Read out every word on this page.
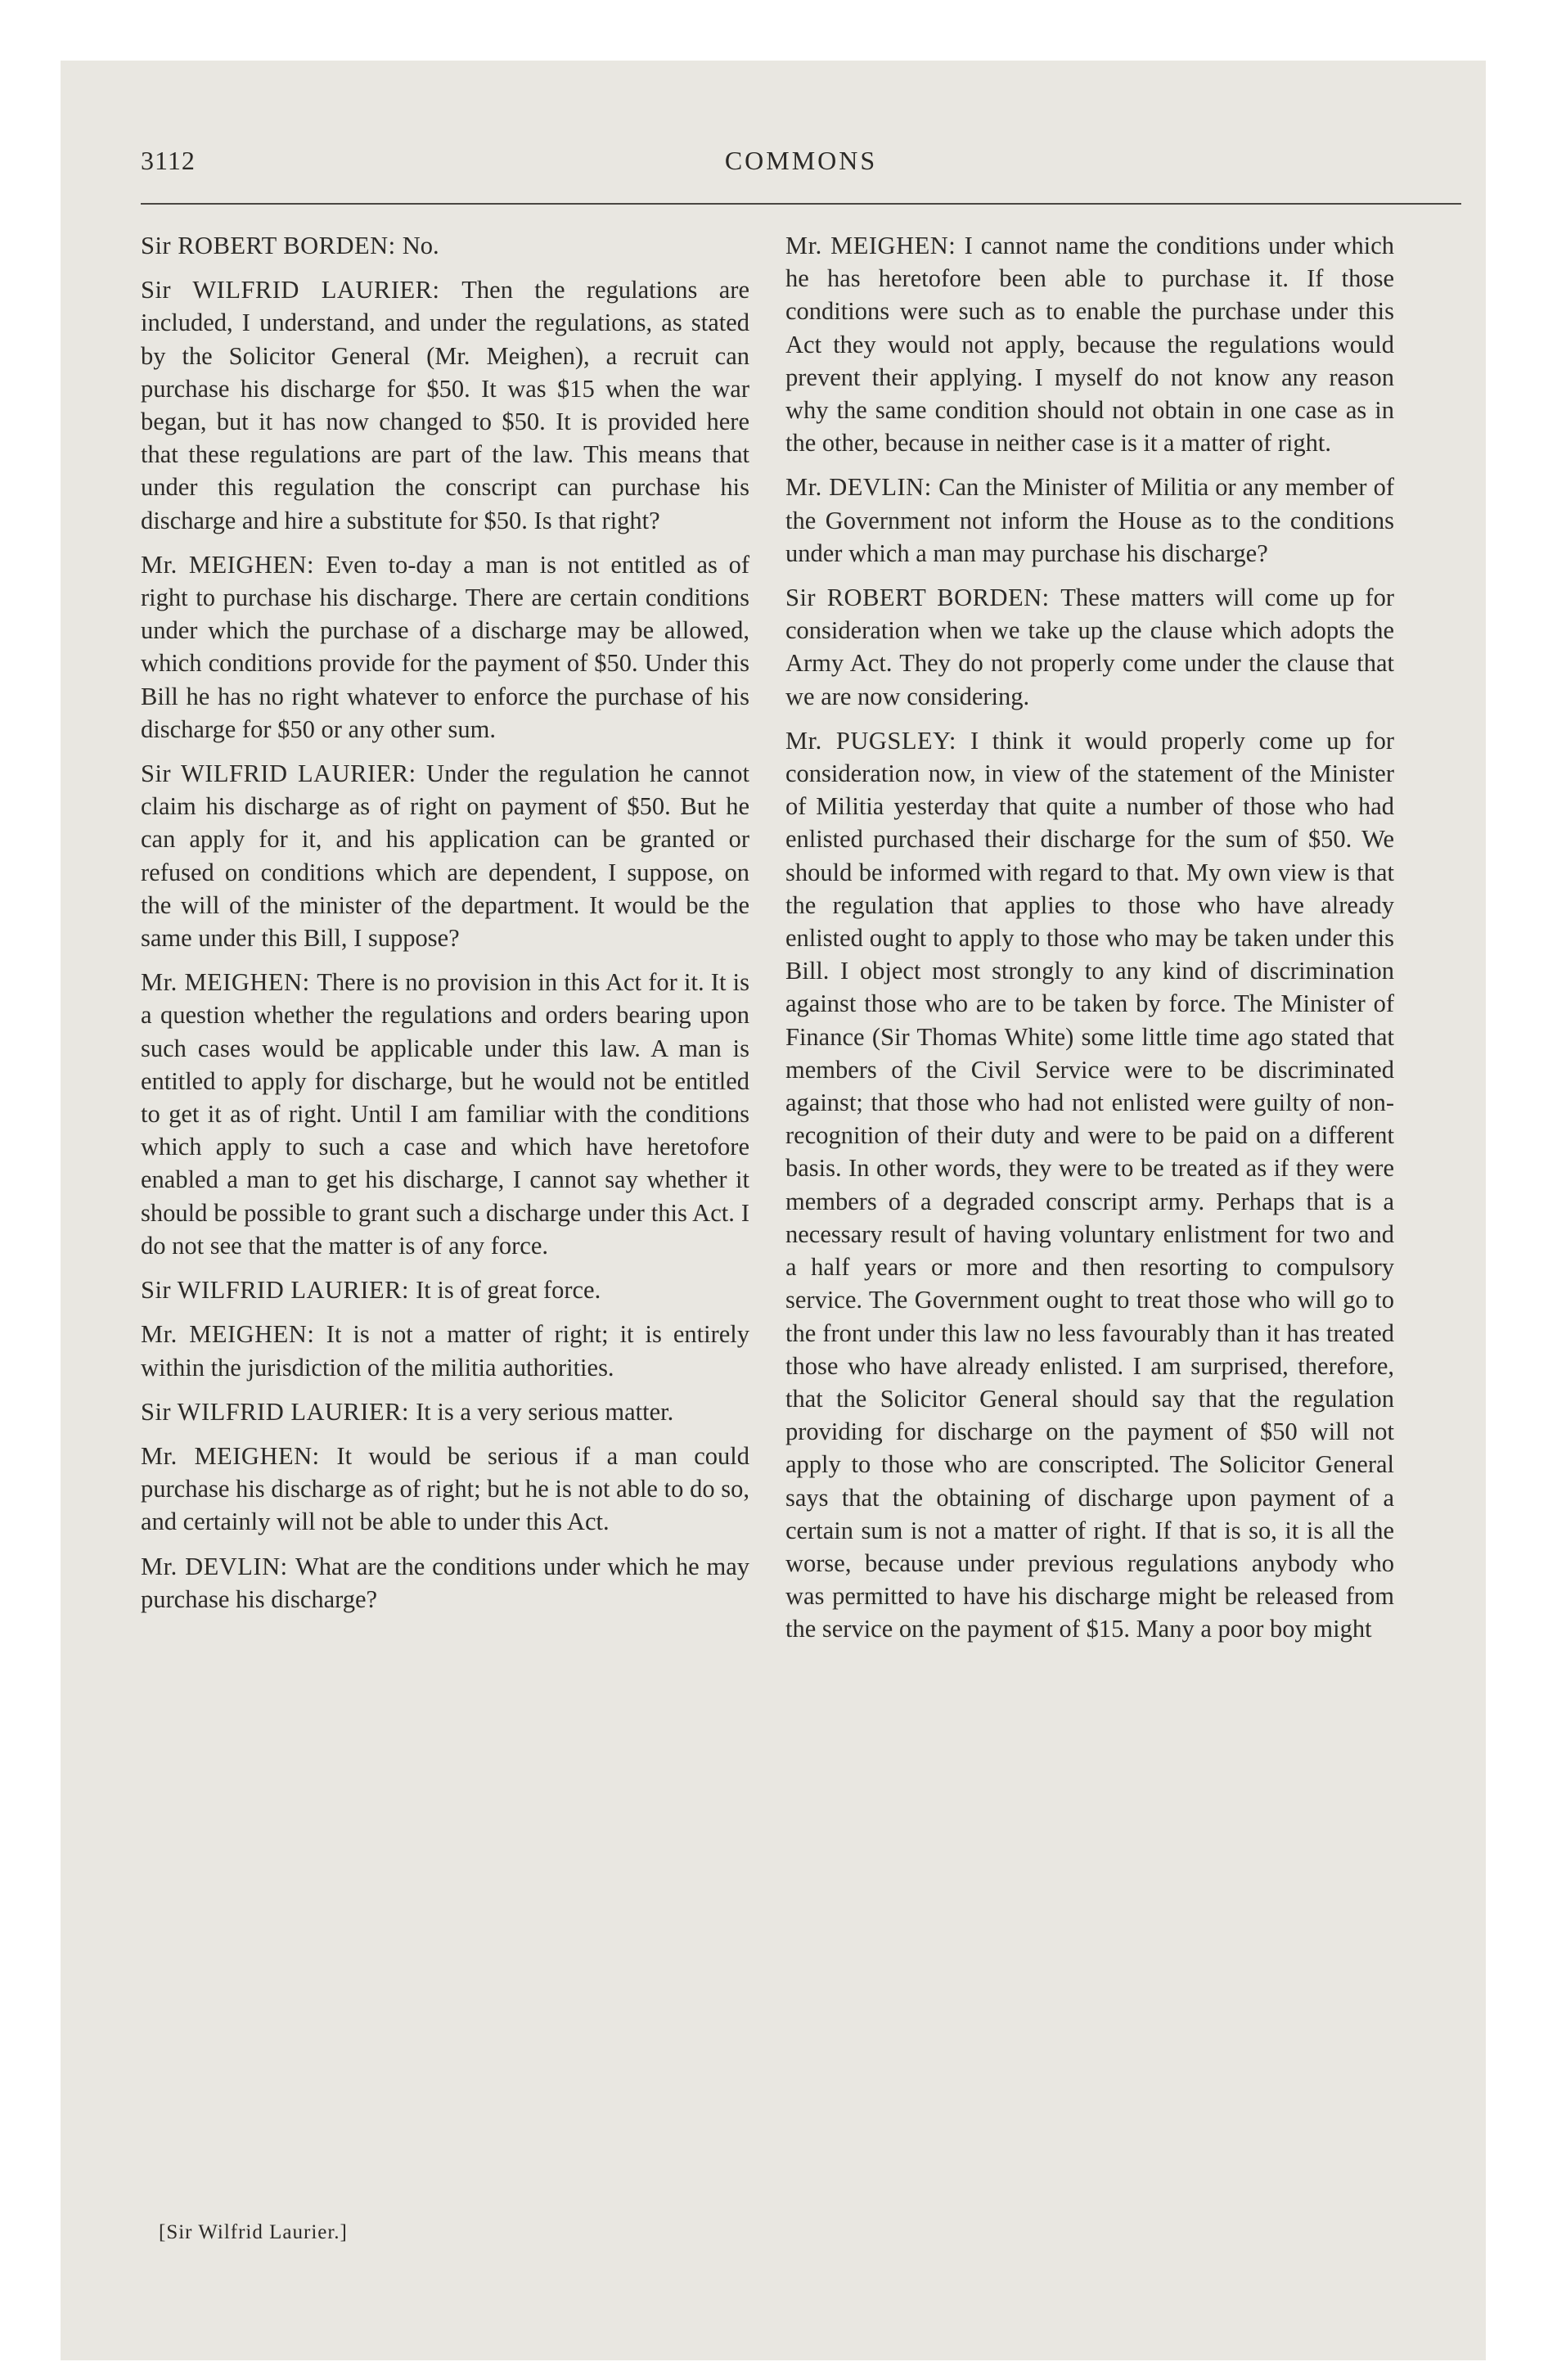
3112	COMMONS

Sir ROBERT BORDEN: No.

Sir WILFRID LAURIER: Then the regulations are included, I understand, and under the regulations, as stated by the Solicitor General (Mr. Meighen), a recruit can purchase his discharge for $50. It was $15 when the war began, but it has now changed to $50. It is provided here that these regulations are part of the law. This means that under this regulation the conscript can purchase his discharge and hire a substitute for $50. Is that right?

Mr. MEIGHEN: Even to-day a man is not entitled as of right to purchase his discharge. There are certain conditions under which the purchase of a discharge may be allowed, which conditions provide for the payment of $50. Under this Bill he has no right whatever to enforce the purchase of his discharge for $50 or any other sum.

Sir WILFRID LAURIER: Under the regulation he cannot claim his discharge as of right on payment of $50. But he can apply for it, and his application can be granted or refused on conditions which are dependent, I suppose, on the will of the minister of the department. It would be the same under this Bill, I suppose?

Mr. MEIGHEN: There is no provision in this Act for it. It is a question whether the regulations and orders bearing upon such cases would be applicable under this law. A man is entitled to apply for discharge, but he would not be entitled to get it as of right. Until I am familiar with the conditions which apply to such a case and which have heretofore enabled a man to get his discharge, I cannot say whether it should be possible to grant such a discharge under this Act. I do not see that the matter is of any force.

Sir WILFRID LAURIER: It is of great force.

Mr. MEIGHEN: It is not a matter of right; it is entirely within the jurisdiction of the militia authorities.

Sir WILFRID LAURIER: It is a very serious matter.

Mr. MEIGHEN: It would be serious if a man could purchase his discharge as of right; but he is not able to do so, and certainly will not be able to under this Act.

Mr. DEVLIN: What are the conditions under which he may purchase his discharge?

Mr. MEIGHEN: I cannot name the conditions under which he has heretofore been able to purchase it. If those conditions were such as to enable the purchase under this Act they would not apply, because the regulations would prevent their applying. I myself do not know any reason why the same condition should not obtain in one case as in the other, because in neither case is it a matter of right.

Mr. DEVLIN: Can the Minister of Militia or any member of the Government not inform the House as to the conditions under which a man may purchase his discharge?

Sir ROBERT BORDEN: These matters will come up for consideration when we take up the clause which adopts the Army Act. They do not properly come under the clause that we are now considering.

Mr. PUGSLEY: I think it would properly come up for consideration now, in view of the statement of the Minister of Militia yesterday that quite a number of those who had enlisted purchased their discharge for the sum of $50. We should be informed with regard to that. My own view is that the regulation that applies to those who have already enlisted ought to apply to those who may be taken under this Bill. I object most strongly to any kind of discrimination against those who are to be taken by force. The Minister of Finance (Sir Thomas White) some little time ago stated that members of the Civil Service were to be discriminated against; that those who had not enlisted were guilty of non-recognition of their duty and were to be paid on a different basis. In other words, they were to be treated as if they were members of a degraded conscript army. Perhaps that is a necessary result of having voluntary enlistment for two and a half years or more and then resorting to compulsory service. The Government ought to treat those who will go to the front under this law no less favourably than it has treated those who have already enlisted. I am surprised, therefore, that the Solicitor General should say that the regulation providing for discharge on the payment of $50 will not apply to those who are conscripted. The Solicitor General says that the obtaining of discharge upon payment of a certain sum is not a matter of right. If that is so, it is all the worse, because under previous regulations anybody who was permitted to have his discharge might be released from the service on the payment of $15. Many a poor boy might

[Sir Wilfrid Laurier.]
